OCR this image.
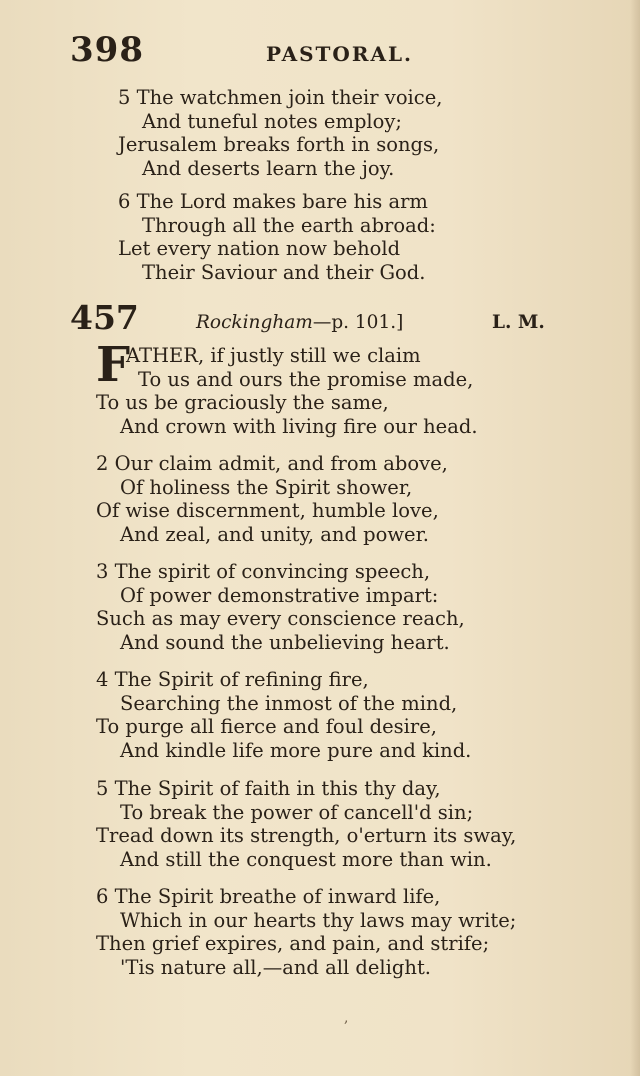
398	PASTORAL.
5 The watchmen join their voice,
And tuneful notes employ;
Jerusalem breaks forth in songs,
And deserts learn the joy.
6 The Lord makes bare his arm
Through all the earth abroad:
Let every nation now behold
Their Saviour and their God.
457	Rockingham—p. 101.]	L. M.
F
ATHER, if justly still we claim
To us and ours the promise made,
To us be graciously the same,
And crown with living fire our head.
2 Our claim admit, and from above,
Of holiness the Spirit shower,
Of wise discernment, humble love,
And zeal, and unity, and power.
3 The spirit of convincing speech,
Of power demonstrative impart:
Such as may every conscience reach,
And sound the unbelieving heart.
4 The Spirit of refining fire,
Searching the inmost of the mind,
To purge all fierce and foul desire,
And kindle life more pure and kind.
5 The Spirit of faith in this thy day,
To break the power of cancell'd sin;
Tread down its strength, o'erturn its sway,
And still the conquest more than win.
6 The Spirit breathe of inward life,
Which in our hearts thy laws may write;
Then grief expires, and pain, and strife;
'Tis nature all,—and all delight.
,
